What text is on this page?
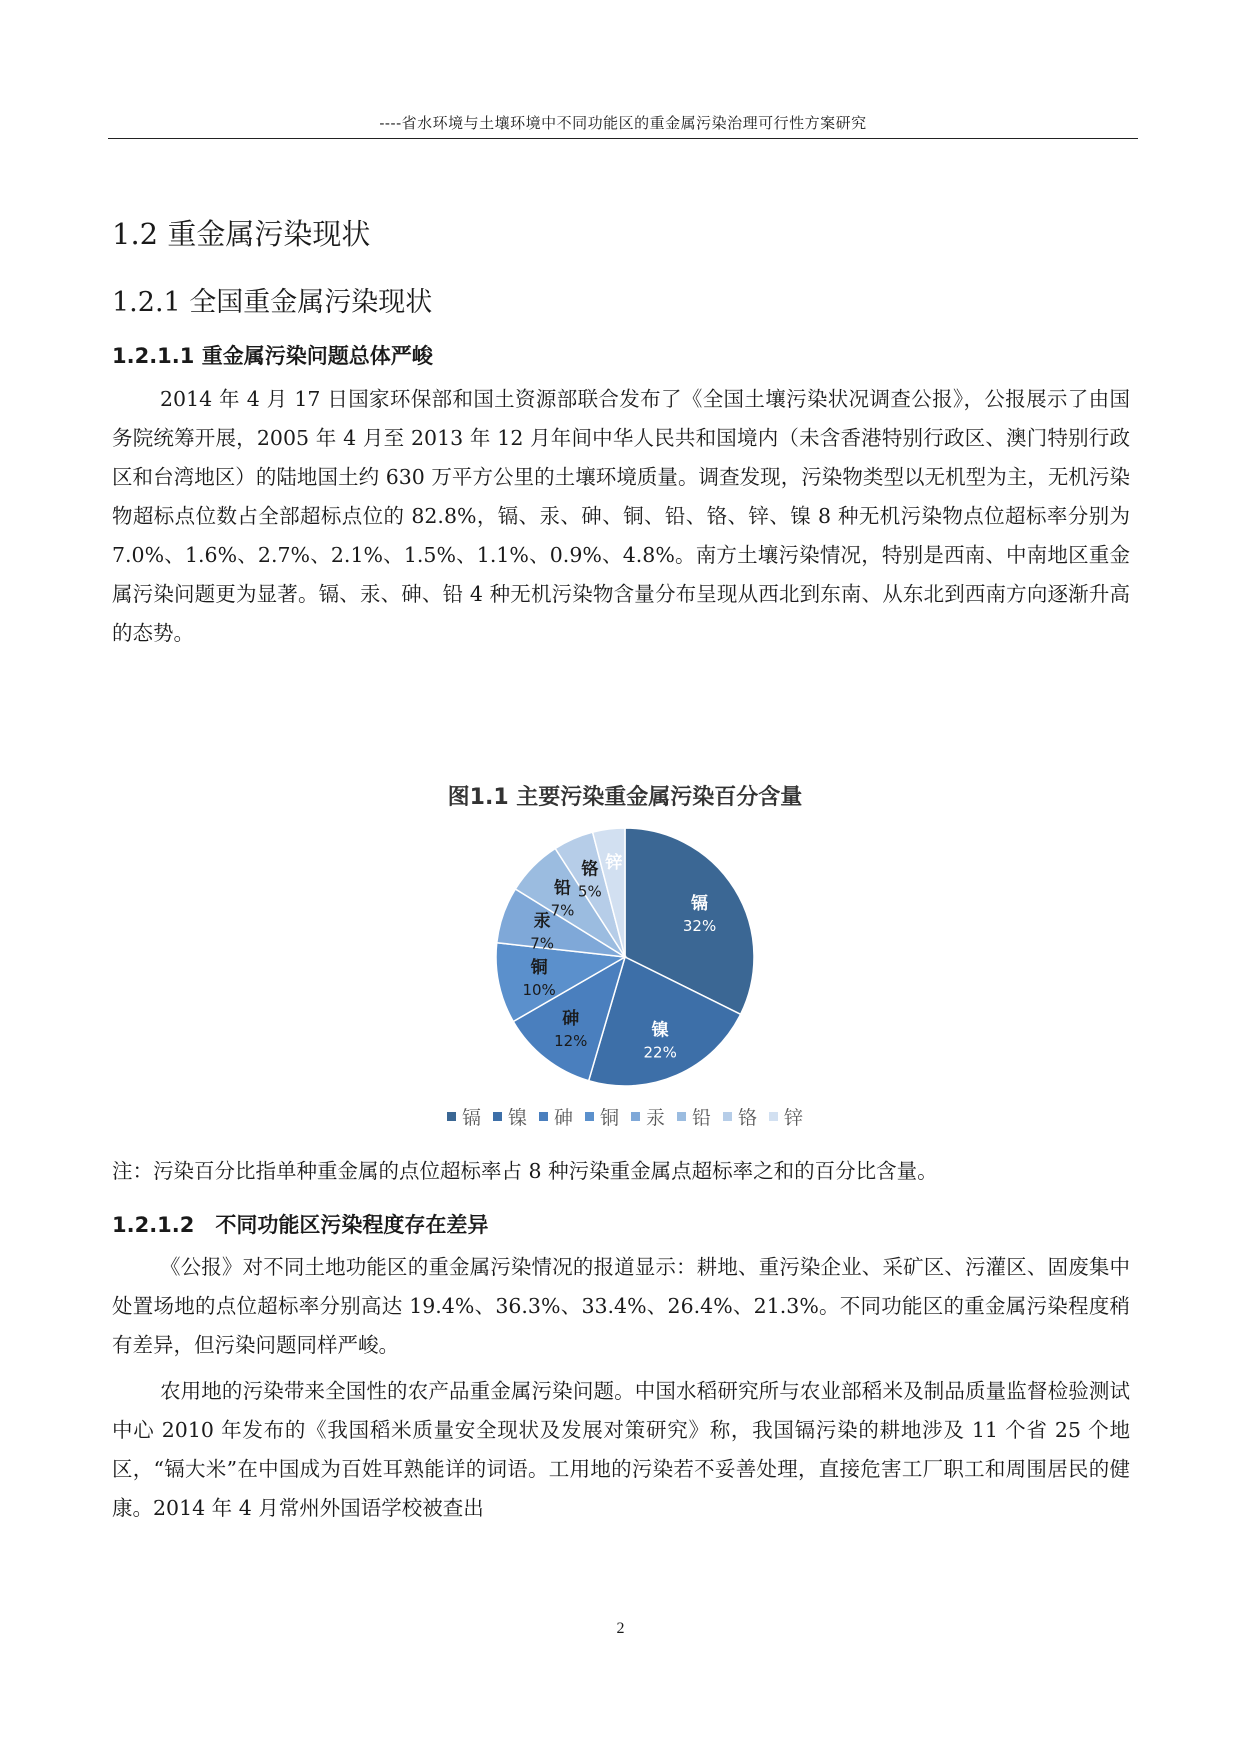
----省水环境与土壤环境中不同功能区的重金属污染治理可行性方案研究
1.2 重金属污染现状
1.2.1 全国重金属污染现状
1.2.1.1 重金属污染问题总体严峻

2014 年 4 月 17 日国家环保部和国土资源部联合发布了《全国土壤污染状况调查公报》，公报展示了由国务院统筹开展，2005 年 4 月至 2013 年 12 月年间中华人民共和国境内（未含香港特别行政区、澳门特别行政区和台湾地区）的陆地国土约 630 万平方公里的土壤环境质量。调查发现，污染物类型以无机型为主，无机污染物超标点位数占全部超标点位的 82.8%，镉、汞、砷、铜、铅、铬、锌、镍 8 种无机污染物点位超标率分别为 7.0%、1.6%、2.7%、2.1%、1.5%、1.1%、0.9%、4.8%。南方土壤污染情况，特别是西南、中南地区重金属污染问题更为显著。镉、汞、砷、铅 4 种无机污染物含量分布呈现从西北到东南、从东北到西南方向逐渐升高的态势。

图1.1 主要污染重金属污染百分含量
镉
32%
镍
22%
砷
12%
铜
10%
汞
7%
铅
7%
铬
5%
锌
镉 镍 砷 铜 汞 铅 铬 锌

注：污染百分比指单种重金属的点位超标率占 8 种污染重金属点超标率之和的百分比含量。

1.2.1.2　不同功能区污染程度存在差异

《公报》对不同土地功能区的重金属污染情况的报道显示：耕地、重污染企业、采矿区、污灌区、固废集中处置场地的点位超标率分别高达 19.4%、36.3%、33.4%、26.4%、21.3%。不同功能区的重金属污染程度稍有差异，但污染问题同样严峻。

农用地的污染带来全国性的农产品重金属污染问题。中国水稻研究所与农业部稻米及制品质量监督检验测试中心 2010 年发布的《我国稻米质量安全现状及发展对策研究》称，我国镉污染的耕地涉及 11 个省 25 个地区，“镉大米”在中国成为百姓耳熟能详的词语。工用地的污染若不妥善处理，直接危害工厂职工和周围居民的健康。2014 年 4 月常州外国语学校被查出

2
